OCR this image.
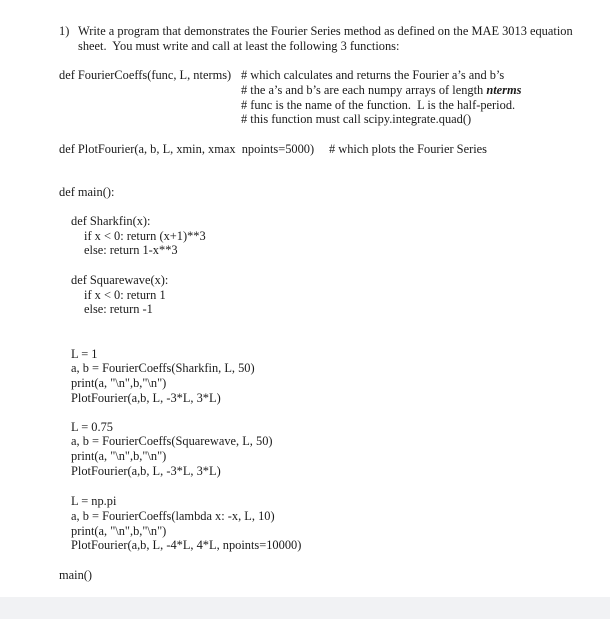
1) Write a program that demonstrates the Fourier Series method as defined on the MAE 3013 equation
sheet.  You must write and call at least the following 3 functions:
def FourierCoeffs(func, L, nterms) # which calculates and returns the Fourier a’s and b’s
# the a’s and b’s are each numpy arrays of length nterms
# func is the name of the function.  L is the half-period.
# this function must call scipy.integrate.quad()
def PlotFourier(a, b, L, xmin, xmax  npoints=5000) # which plots the Fourier Series
def main():
def Sharkfin(x):
if x < 0: return (x+1)**3
else: return 1-x**3
def Squarewave(x):
if x < 0: return 1
else: return -1
L = 1
a, b = FourierCoeffs(Sharkfin, L, 50)
print(a, "\n",b,"\n")
PlotFourier(a,b, L, -3*L, 3*L)
L = 0.75
a, b = FourierCoeffs(Squarewave, L, 50)
print(a, "\n",b,"\n")
PlotFourier(a,b, L, -3*L, 3*L)
L = np.pi
a, b = FourierCoeffs(lambda x: -x, L, 10)
print(a, "\n",b,"\n")
PlotFourier(a,b, L, -4*L, 4*L, npoints=10000)
main()
